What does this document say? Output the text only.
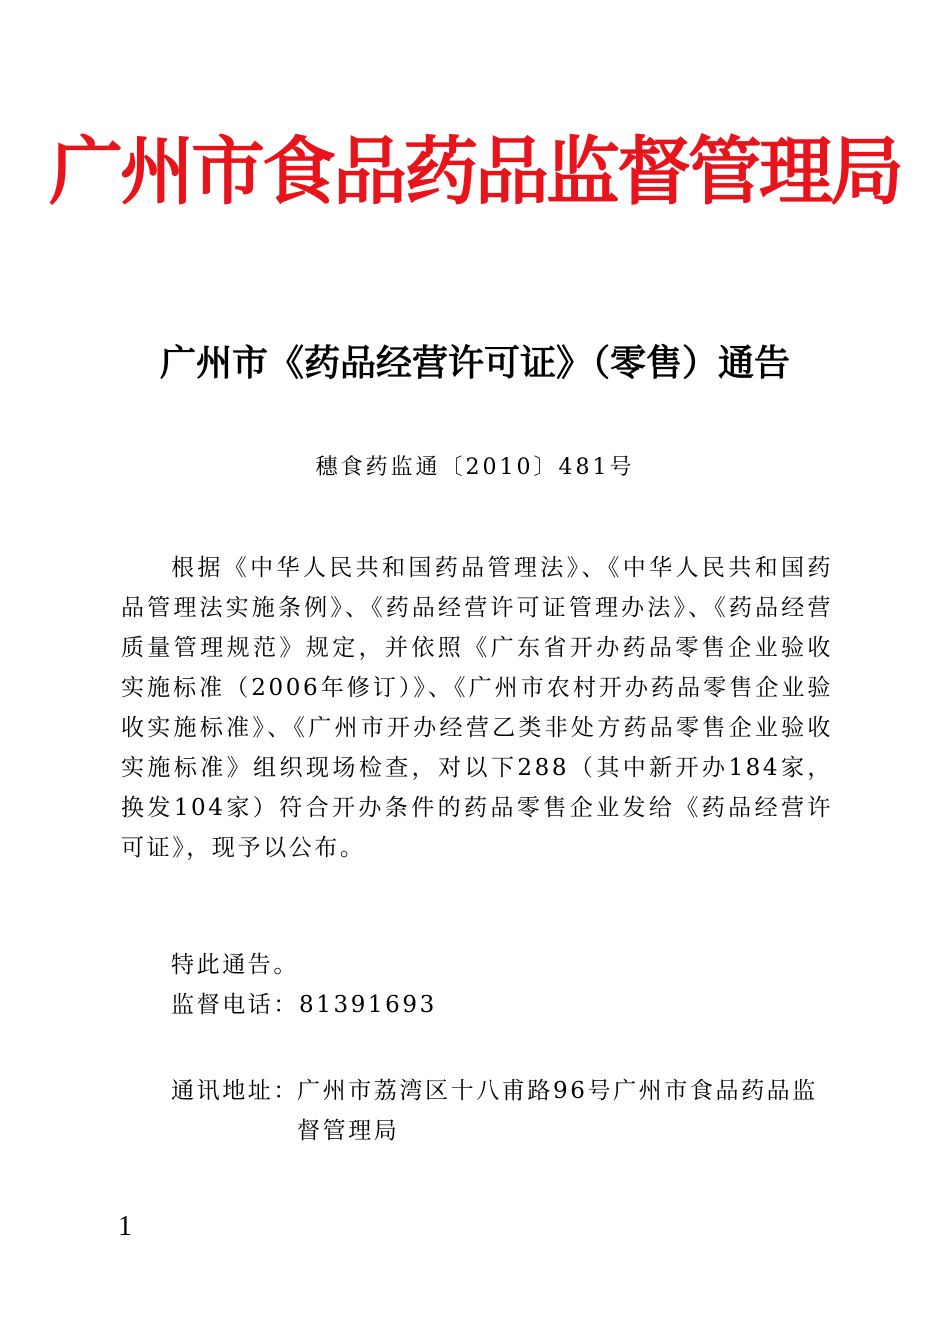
广州市食品药品监督管理局
广州市《药品经营许可证》（零售）通告
穗食药监通〔2010〕481号
根据《中华人民共和国药品管理法》、《中华人民共和国药品管理法实施条例》、《药品经营许可证管理办法》、《药品经营质量管理规范》规定，并依照《广东省开办药品零售企业验收实施标准（2006年修订）》、《广州市农村开办药品零售企业验收实施标准》、《广州市开办经营乙类非处方药品零售企业验收实施标准》组织现场检查，对以下288（其中新开办184家，换发104家）符合开办条件的药品零售企业发给《药品经营许可证》，现予以公布。
特此通告。
监督电话：81391693
通讯地址：
广州市荔湾区十八甫路96号广州市食品药品监督管理局
1
